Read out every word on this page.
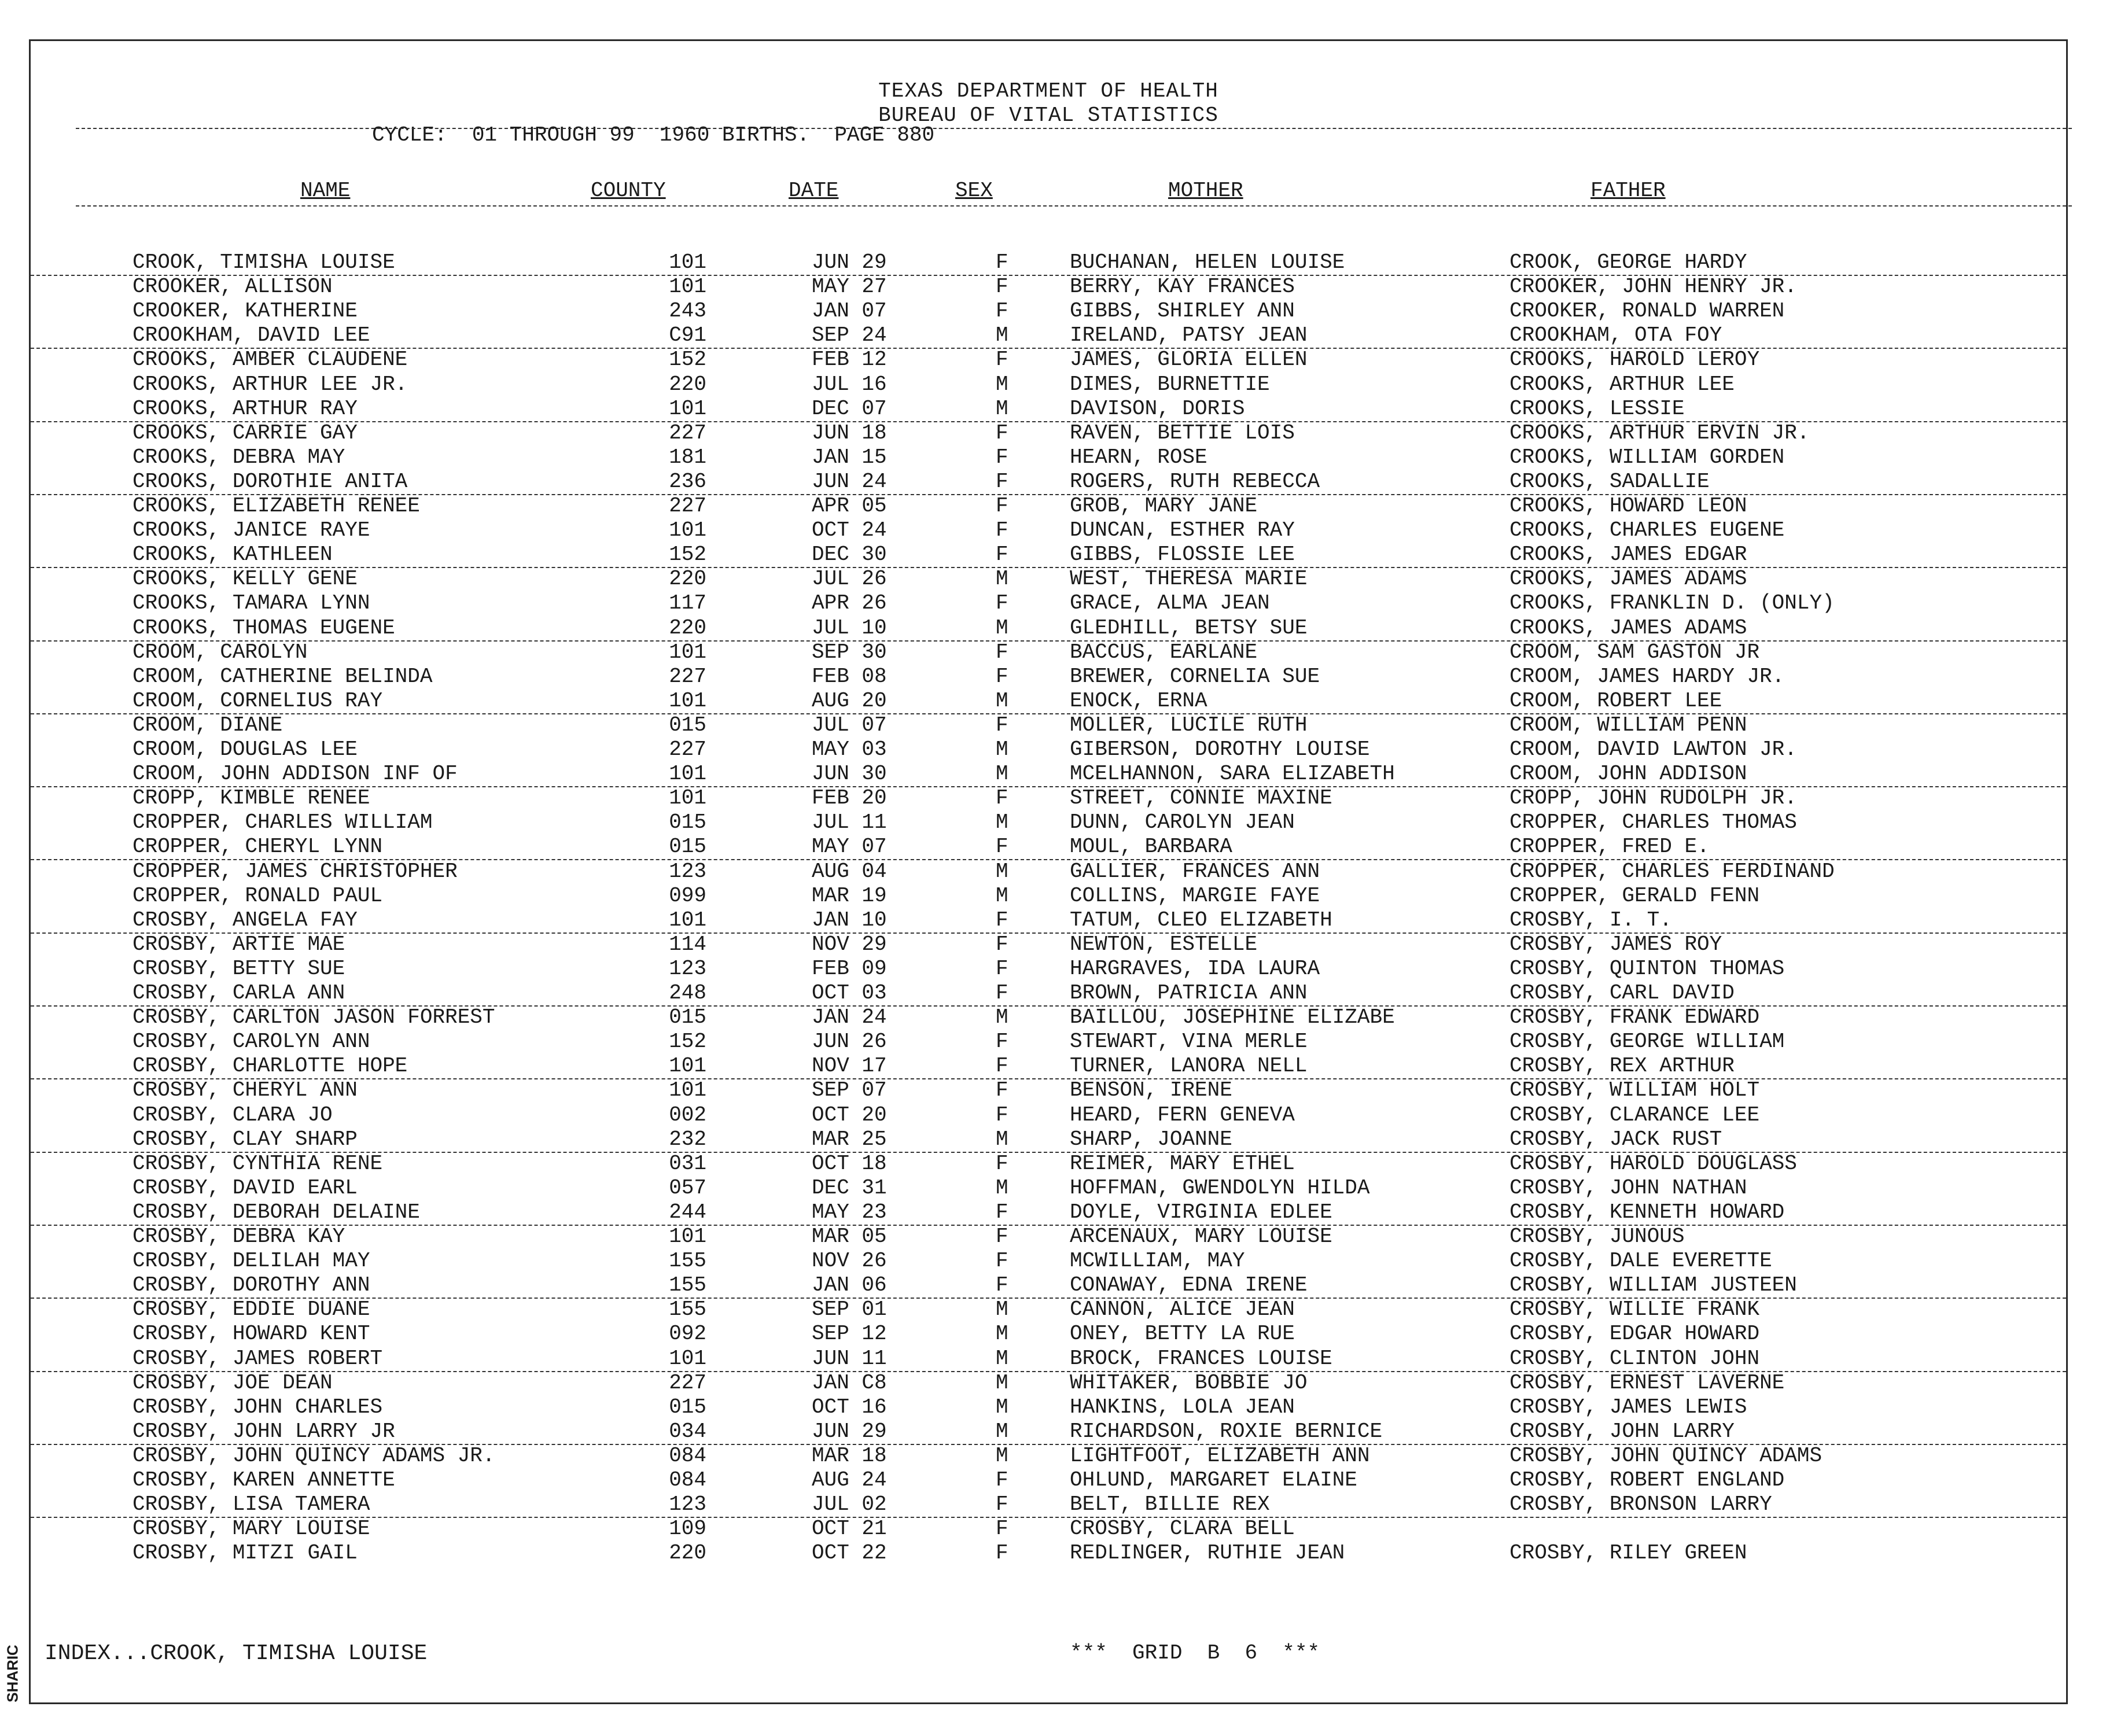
SHARIC
TEXAS DEPARTMENT OF HEALTH
BUREAU OF VITAL STATISTICS
CYCLE:  01 THROUGH 99  1960 BIRTHS.  PAGE 880
NAME	COUNTY	DATE	SEX	MOTHER	FATHER
CROOK, TIMISHA LOUISE	101	JUN 29	F	BUCHANAN, HELEN LOUISE	CROOK, GEORGE HARDY
CROOKER, ALLISON	101	MAY 27	F	BERRY, KAY FRANCES	CROOKER, JOHN HENRY JR.
CROOKER, KATHERINE	243	JAN 07	F	GIBBS, SHIRLEY ANN	CROOKER, RONALD WARREN
CROOKHAM, DAVID LEE	C91	SEP 24	M	IRELAND, PATSY JEAN	CROOKHAM, OTA FOY
CROOKS, AMBER CLAUDENE	152	FEB 12	F	JAMES, GLORIA ELLEN	CROOKS, HAROLD LEROY
CROOKS, ARTHUR LEE JR.	220	JUL 16	M	DIMES, BURNETTIE	CROOKS, ARTHUR LEE
CROOKS, ARTHUR RAY	101	DEC 07	M	DAVISON, DORIS	CROOKS, LESSIE
CROOKS, CARRIE GAY	227	JUN 18	F	RAVEN, BETTIE LOIS	CROOKS, ARTHUR ERVIN JR.
CROOKS, DEBRA MAY	181	JAN 15	F	HEARN, ROSE	CROOKS, WILLIAM GORDEN
CROOKS, DOROTHIE ANITA	236	JUN 24	F	ROGERS, RUTH REBECCA	CROOKS, SADALLIE
CROOKS, ELIZABETH RENEE	227	APR 05	F	GROB, MARY JANE	CROOKS, HOWARD LEON
CROOKS, JANICE RAYE	101	OCT 24	F	DUNCAN, ESTHER RAY	CROOKS, CHARLES EUGENE
CROOKS, KATHLEEN	152	DEC 30	F	GIBBS, FLOSSIE LEE	CROOKS, JAMES EDGAR
CROOKS, KELLY GENE	220	JUL 26	M	WEST, THERESA MARIE	CROOKS, JAMES ADAMS
CROOKS, TAMARA LYNN	117	APR 26	F	GRACE, ALMA JEAN	CROOKS, FRANKLIN D. (ONLY)
CROOKS, THOMAS EUGENE	220	JUL 10	M	GLEDHILL, BETSY SUE	CROOKS, JAMES ADAMS
CROOM, CAROLYN	101	SEP 30	F	BACCUS, EARLANE	CROOM, SAM GASTON JR
CROOM, CATHERINE BELINDA	227	FEB 08	F	BREWER, CORNELIA SUE	CROOM, JAMES HARDY JR.
CROOM, CORNELIUS RAY	101	AUG 20	M	ENOCK, ERNA	CROOM, ROBERT LEE
CROOM, DIANE	015	JUL 07	F	MOLLER, LUCILE RUTH	CROOM, WILLIAM PENN
CROOM, DOUGLAS LEE	227	MAY 03	M	GIBERSON, DOROTHY LOUISE	CROOM, DAVID LAWTON JR.
CROOM, JOHN ADDISON INF OF	101	JUN 30	M	MCELHANNON, SARA ELIZABETH	CROOM, JOHN ADDISON
CROPP, KIMBLE RENEE	101	FEB 20	F	STREET, CONNIE MAXINE	CROPP, JOHN RUDOLPH JR.
CROPPER, CHARLES WILLIAM	015	JUL 11	M	DUNN, CAROLYN JEAN	CROPPER, CHARLES THOMAS
CROPPER, CHERYL LYNN	015	MAY 07	F	MOUL, BARBARA	CROPPER, FRED E.
CROPPER, JAMES CHRISTOPHER	123	AUG 04	M	GALLIER, FRANCES ANN	CROPPER, CHARLES FERDINAND
CROPPER, RONALD PAUL	099	MAR 19	M	COLLINS, MARGIE FAYE	CROPPER, GERALD FENN
CROSBY, ANGELA FAY	101	JAN 10	F	TATUM, CLEO ELIZABETH	CROSBY, I. T.
CROSBY, ARTIE MAE	114	NOV 29	F	NEWTON, ESTELLE	CROSBY, JAMES ROY
CROSBY, BETTY SUE	123	FEB 09	F	HARGRAVES, IDA LAURA	CROSBY, QUINTON THOMAS
CROSBY, CARLA ANN	248	OCT 03	F	BROWN, PATRICIA ANN	CROSBY, CARL DAVID
CROSBY, CARLTON JASON FORREST	015	JAN 24	M	BAILLOU, JOSEPHINE ELIZABE	CROSBY, FRANK EDWARD
CROSBY, CAROLYN ANN	152	JUN 26	F	STEWART, VINA MERLE	CROSBY, GEORGE WILLIAM
CROSBY, CHARLOTTE HOPE	101	NOV 17	F	TURNER, LANORA NELL	CROSBY, REX ARTHUR
CROSBY, CHERYL ANN	101	SEP 07	F	BENSON, IRENE	CROSBY, WILLIAM HOLT
CROSBY, CLARA JO	002	OCT 20	F	HEARD, FERN GENEVA	CROSBY, CLARANCE LEE
CROSBY, CLAY SHARP	232	MAR 25	M	SHARP, JOANNE	CROSBY, JACK RUST
CROSBY, CYNTHIA RENE	031	OCT 18	F	REIMER, MARY ETHEL	CROSBY, HAROLD DOUGLASS
CROSBY, DAVID EARL	057	DEC 31	M	HOFFMAN, GWENDOLYN HILDA	CROSBY, JOHN NATHAN
CROSBY, DEBORAH DELAINE	244	MAY 23	F	DOYLE, VIRGINIA EDLEE	CROSBY, KENNETH HOWARD
CROSBY, DEBRA KAY	101	MAR 05	F	ARCENAUX, MARY LOUISE	CROSBY, JUNOUS
CROSBY, DELILAH MAY	155	NOV 26	F	MCWILLIAM, MAY	CROSBY, DALE EVERETTE
CROSBY, DOROTHY ANN	155	JAN 06	F	CONAWAY, EDNA IRENE	CROSBY, WILLIAM JUSTEEN
CROSBY, EDDIE DUANE	155	SEP 01	M	CANNON, ALICE JEAN	CROSBY, WILLIE FRANK
CROSBY, HOWARD KENT	092	SEP 12	M	ONEY, BETTY LA RUE	CROSBY, EDGAR HOWARD
CROSBY, JAMES ROBERT	101	JUN 11	M	BROCK, FRANCES LOUISE	CROSBY, CLINTON JOHN
CROSBY, JOE DEAN	227	JAN C8	M	WHITAKER, BOBBIE JO	CROSBY, ERNEST LAVERNE
CROSBY, JOHN CHARLES	015	OCT 16	M	HANKINS, LOLA JEAN	CROSBY, JAMES LEWIS
CROSBY, JOHN LARRY JR	034	JUN 29	M	RICHARDSON, ROXIE BERNICE	CROSBY, JOHN LARRY
CROSBY, JOHN QUINCY ADAMS JR.	084	MAR 18	M	LIGHTFOOT, ELIZABETH ANN	CROSBY, JOHN QUINCY ADAMS
CROSBY, KAREN ANNETTE	084	AUG 24	F	OHLUND, MARGARET ELAINE	CROSBY, ROBERT ENGLAND
CROSBY, LISA TAMERA	123	JUL 02	F	BELT, BILLIE REX	CROSBY, BRONSON LARRY
CROSBY, MARY LOUISE	109	OCT 21	F	CROSBY, CLARA BELL
CROSBY, MITZI GAIL	220	OCT 22	F	REDLINGER, RUTHIE JEAN	CROSBY, RILEY GREEN
INDEX...CROOK, TIMISHA LOUISE	***  GRID  B  6  ***
